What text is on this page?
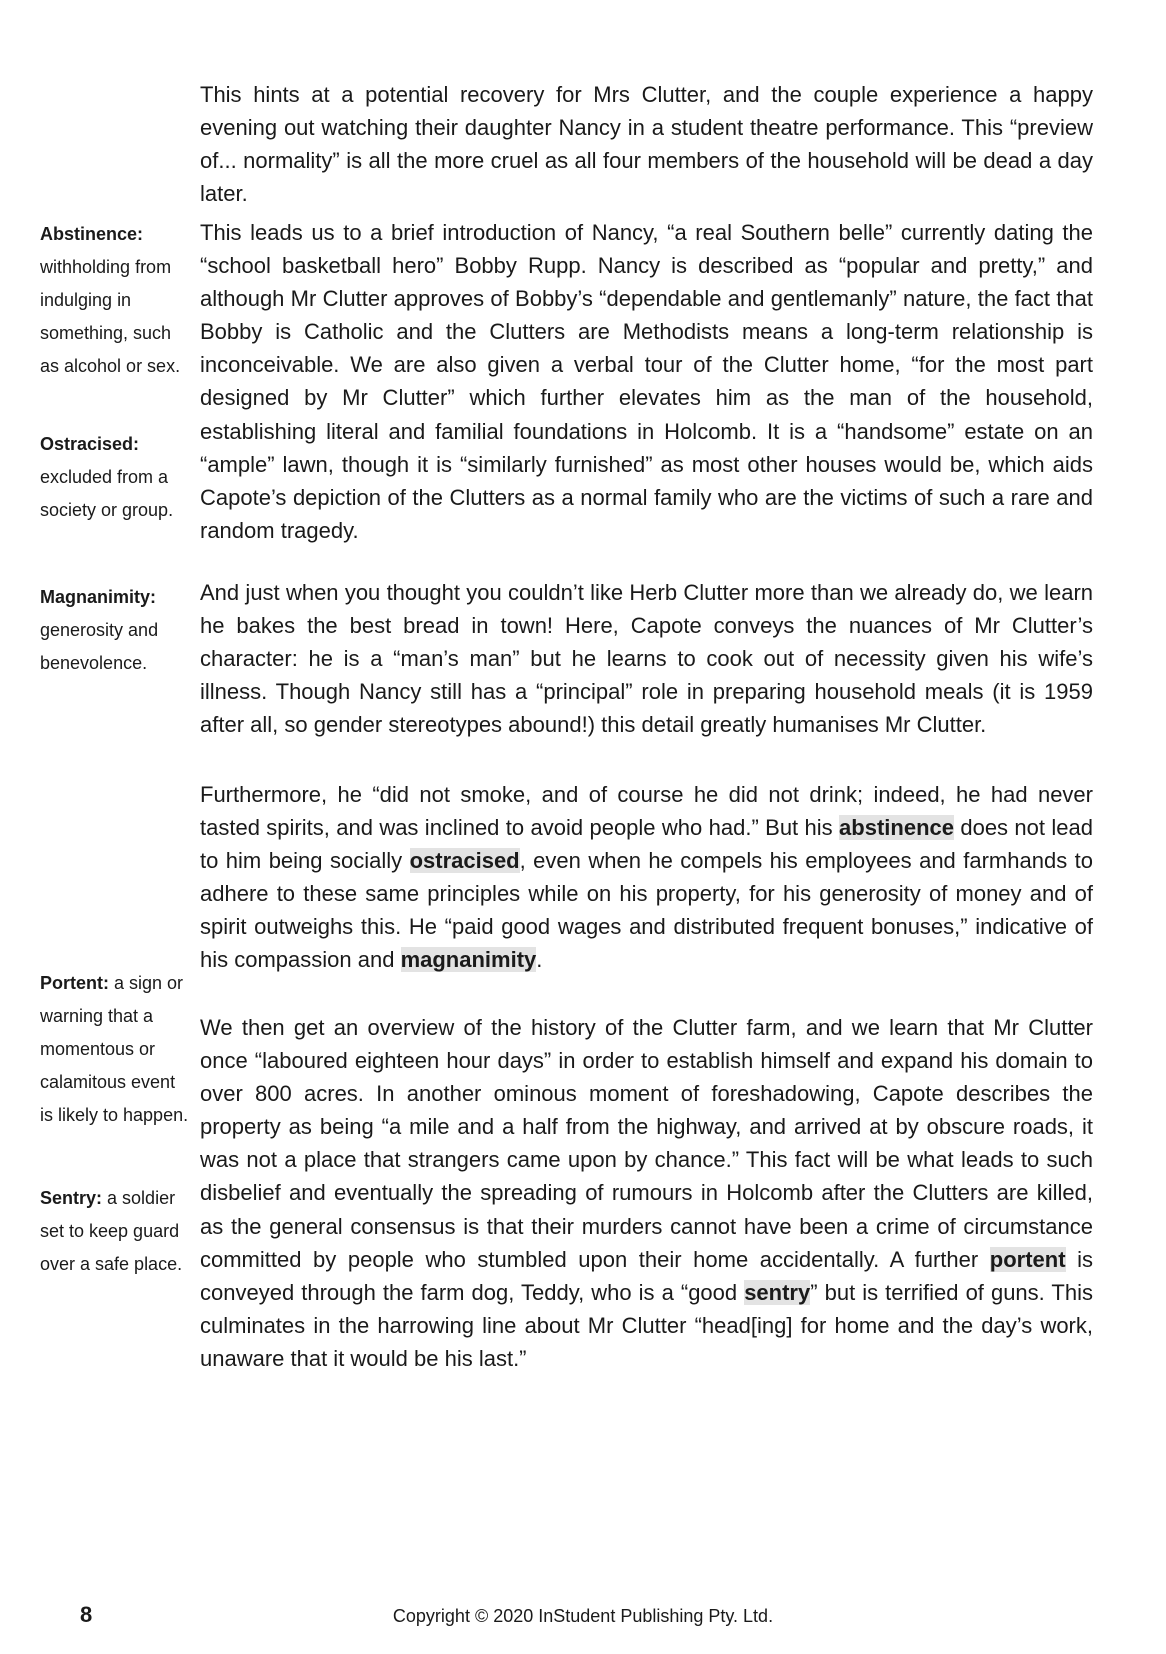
This hints at a potential recovery for Mrs Clutter, and the couple experience a happy evening out watching their daughter Nancy in a student theatre performance. This “preview of... normality” is all the more cruel as all four members of the household will be dead a day later.

This leads us to a brief introduction of Nancy, “a real Southern belle” currently dating the “school basketball hero” Bobby Rupp. Nancy is described as “popular and pretty,” and although Mr Clutter approves of Bobby’s “dependable and gentlemanly” nature, the fact that Bobby is Catholic and the Clutters are Methodists means a long-term relationship is inconceivable. We are also given a verbal tour of the Clutter home, “for the most part designed by Mr Clutter” which further elevates him as the man of the household, establishing literal and familial foundations in Holcomb. It is a “handsome” estate on an “ample” lawn, though it is “similarly furnished” as most other houses would be, which aids Capote’s depiction of the Clutters as a normal family who are the victims of such a rare and random tragedy.

And just when you thought you couldn’t like Herb Clutter more than we already do, we learn he bakes the best bread in town! Here, Capote conveys the nuances of Mr Clutter’s character: he is a “man’s man” but he learns to cook out of necessity given his wife’s illness. Though Nancy still has a “principal” role in preparing household meals (it is 1959 after all, so gender stereotypes abound!) this detail greatly humanises Mr Clutter.

Furthermore, he “did not smoke, and of course he did not drink; indeed, he had never tasted spirits, and was inclined to avoid people who had.” But his abstinence does not lead to him being socially ostracised, even when he compels his employees and farmhands to adhere to these same principles while on his property, for his generosity of money and of spirit outweighs this. He “paid good wages and distributed frequent bonuses,” indicative of his compassion and magnanimity.

We then get an overview of the history of the Clutter farm, and we learn that Mr Clutter once “laboured eighteen hour days” in order to establish himself and expand his domain to over 800 acres. In another ominous moment of foreshadowing, Capote describes the property as being “a mile and a half from the highway, and arrived at by obscure roads, it was not a place that strangers came upon by chance.” This fact will be what leads to such disbelief and eventually the spreading of rumours in Holcomb after the Clutters are killed, as the general consensus is that their murders cannot have been a crime of circumstance committed by people who stumbled upon their home accidentally. A further portent is conveyed through the farm dog, Teddy, who is a “good sentry” but is terrified of guns. This culminates in the harrowing line about Mr Clutter “head[ing] for home and the day’s work, unaware that it would be his last.”

Abstinence:
withholding from indulging in something, such as alcohol or sex.
Ostracised:
excluded from a society or group.
Magnanimity:
generosity and benevolence.
Portent: a sign or warning that a momentous or calamitous event is likely to happen.
Sentry: a soldier set to keep guard over a safe place.
8	Copyright © 2020 InStudent Publishing Pty. Ltd.
